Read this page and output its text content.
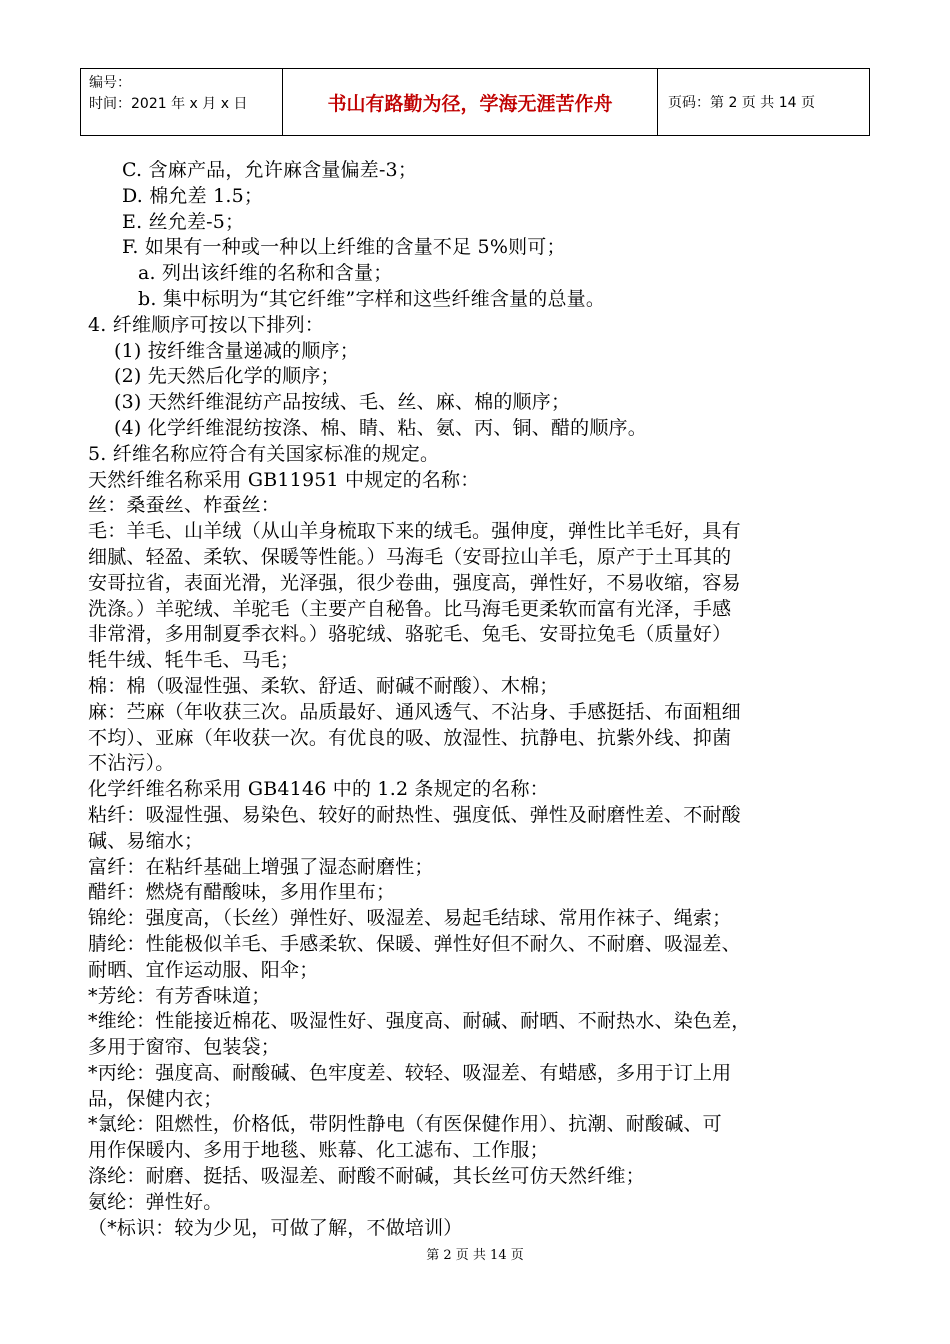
编号：
时间：2021 年 x 月 x 日	书山有路勤为径，学海无涯苦作舟	页码：第 2 页 共 14 页
C. 含麻产品，允许麻含量偏差-3；
D. 棉允差 1.5；
E. 丝允差-5；
F. 如果有一种或一种以上纤维的含量不足 5%则可；
a. 列出该纤维的名称和含量；
b. 集中标明为“其它纤维”字样和这些纤维含量的总量。
4. 纤维顺序可按以下排列：
(1) 按纤维含量递减的顺序；
(2) 先天然后化学的顺序；
(3) 天然纤维混纺产品按绒、毛、丝、麻、棉的顺序；
(4) 化学纤维混纺按涤、棉、睛、粘、氨、丙、铜、醋的顺序。
5. 纤维名称应符合有关国家标准的规定。
天然纤维名称采用 GB11951 中规定的名称：
丝：桑蚕丝、柞蚕丝：
毛：羊毛、山羊绒（从山羊身梳取下来的绒毛。强伸度，弹性比羊毛好，具有
细腻、轻盈、柔软、保暖等性能。）马海毛（安哥拉山羊毛，原产于土耳其的
安哥拉省，表面光滑，光泽强，很少卷曲，强度高，弹性好，不易收缩，容易
洗涤。）羊驼绒、羊驼毛（主要产自秘鲁。比马海毛更柔软而富有光泽，手感
非常滑，多用制夏季衣料。）骆驼绒、骆驼毛、兔毛、安哥拉兔毛（质量好）
牦牛绒、牦牛毛、马毛；
棉：棉（吸湿性强、柔软、舒适、耐碱不耐酸）、木棉；
麻：苎麻（年收获三次。品质最好、通风透气、不沾身、手感挺括、布面粗细
不均）、亚麻（年收获一次。有优良的吸、放湿性、抗静电、抗紫外线、抑菌
不沾污）。
化学纤维名称采用 GB4146 中的 1.2 条规定的名称：
粘纤：吸湿性强、易染色、较好的耐热性、强度低、弹性及耐磨性差、不耐酸
碱、易缩水；
富纤：在粘纤基础上增强了湿态耐磨性；
醋纤：燃烧有醋酸味，多用作里布；
锦纶：强度高，（长丝）弹性好、吸湿差、易起毛结球、常用作袜子、绳索；
腈纶：性能极似羊毛、手感柔软、保暖、弹性好但不耐久、不耐磨、吸湿差、
耐晒、宜作运动服、阳伞；
*芳纶：有芳香味道；
*维纶：性能接近棉花、吸湿性好、强度高、耐碱、耐晒、不耐热水、染色差，
多用于窗帘、包装袋；
*丙纶：强度高、耐酸碱、色牢度差、较轻、吸湿差、有蜡感，多用于订上用
品，保健内衣；
*氯纶：阻燃性，价格低，带阴性静电（有医保健作用）、抗潮、耐酸碱、可
用作保暖内、多用于地毯、账幕、化工滤布、工作服；
涤纶：耐磨、挺括、吸湿差、耐酸不耐碱，其长丝可仿天然纤维；
氨纶：弹性好。
（*标识：较为少见，可做了解，不做培训）
第 2 页 共 14 页
